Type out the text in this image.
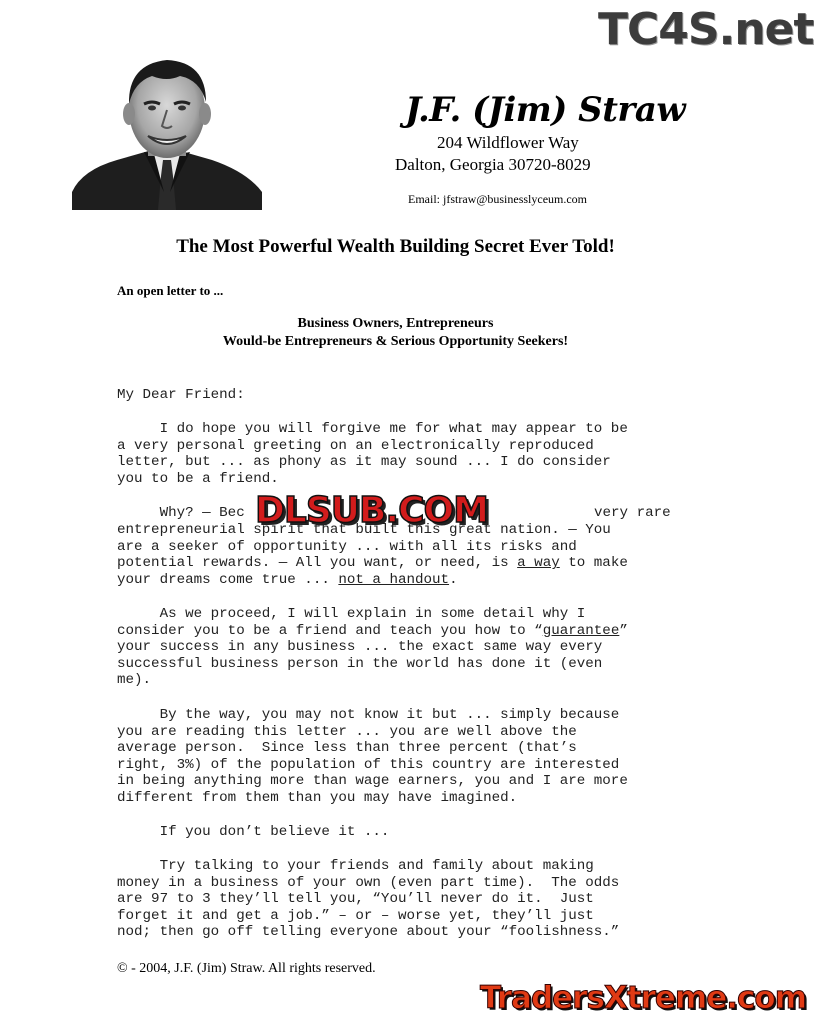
TC4S.net
J.F. (Jim) Straw
204 Wildflower Way
Dalton, Georgia 30720-8029
Email: jfstraw@businesslyceum.com
The Most Powerful Wealth Building Secret Ever Told!
An open letter to ...
Business Owners, Entrepreneurs
Would-be Entrepreneurs & Serious Opportunity Seekers!
My Dear Friend:
I do hope you will forgive me for what may appear to be
a very personal greeting on an electronically reproduced
letter, but ... as phony as it may sound ... I do consider
you to be a friend.
Why? — Bec	very rare
entrepreneurial spirit that built this great nation. — You
are a seeker of opportunity ... with all its risks and
potential rewards. — All you want, or need, is a way to make
your dreams come true ... not a handout.
As we proceed, I will explain in some detail why I
consider you to be a friend and teach you how to “guarantee”
your success in any business ... the exact same way every
successful business person in the world has done it (even
me).
By the way, you may not know it but ... simply because
you are reading this letter ... you are well above the
average person.  Since less than three percent (that’s
right, 3%) of the population of this country are interested
in being anything more than wage earners, you and I are more
different from them than you may have imagined.
If you don’t believe it ...
Try talking to your friends and family about making
money in a business of your own (even part time).  The odds
are 97 to 3 they’ll tell you, “You’ll never do it.  Just
forget it and get a job.” – or – worse yet, they’ll just
nod; then go off telling everyone about your “foolishness.”
DLSUB.COM
© - 2004, J.F. (Jim) Straw. All rights reserved.
TradersXtreme.com
